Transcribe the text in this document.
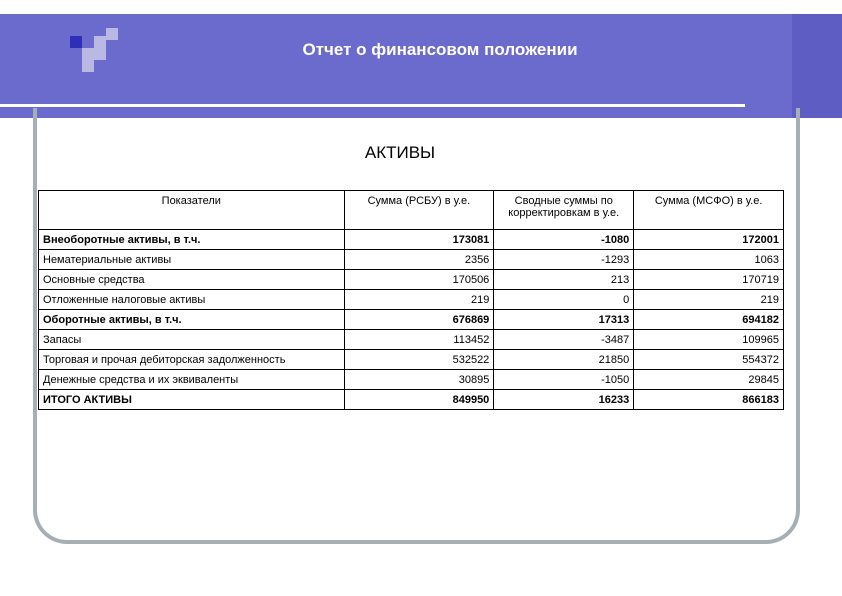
Отчет о финансовом положении
АКТИВЫ
Показатели	Сумма (РСБУ) в у.е.	Сводные суммы по корректировкам в у.е.	Сумма (МСФО) в у.е.
Внеоборотные активы, в т.ч.	173081	-1080	172001
Нематериальные активы	2356	-1293	1063
Основные средства	170506	213	170719
Отложенные налоговые активы	219	0	219
Оборотные активы, в т.ч.	676869	17313	694182
Запасы	113452	-3487	109965
Торговая и прочая дебиторская задолженность	532522	21850	554372
Денежные средства и их эквиваленты	30895	-1050	29845
ИТОГО АКТИВЫ	849950	16233	866183
